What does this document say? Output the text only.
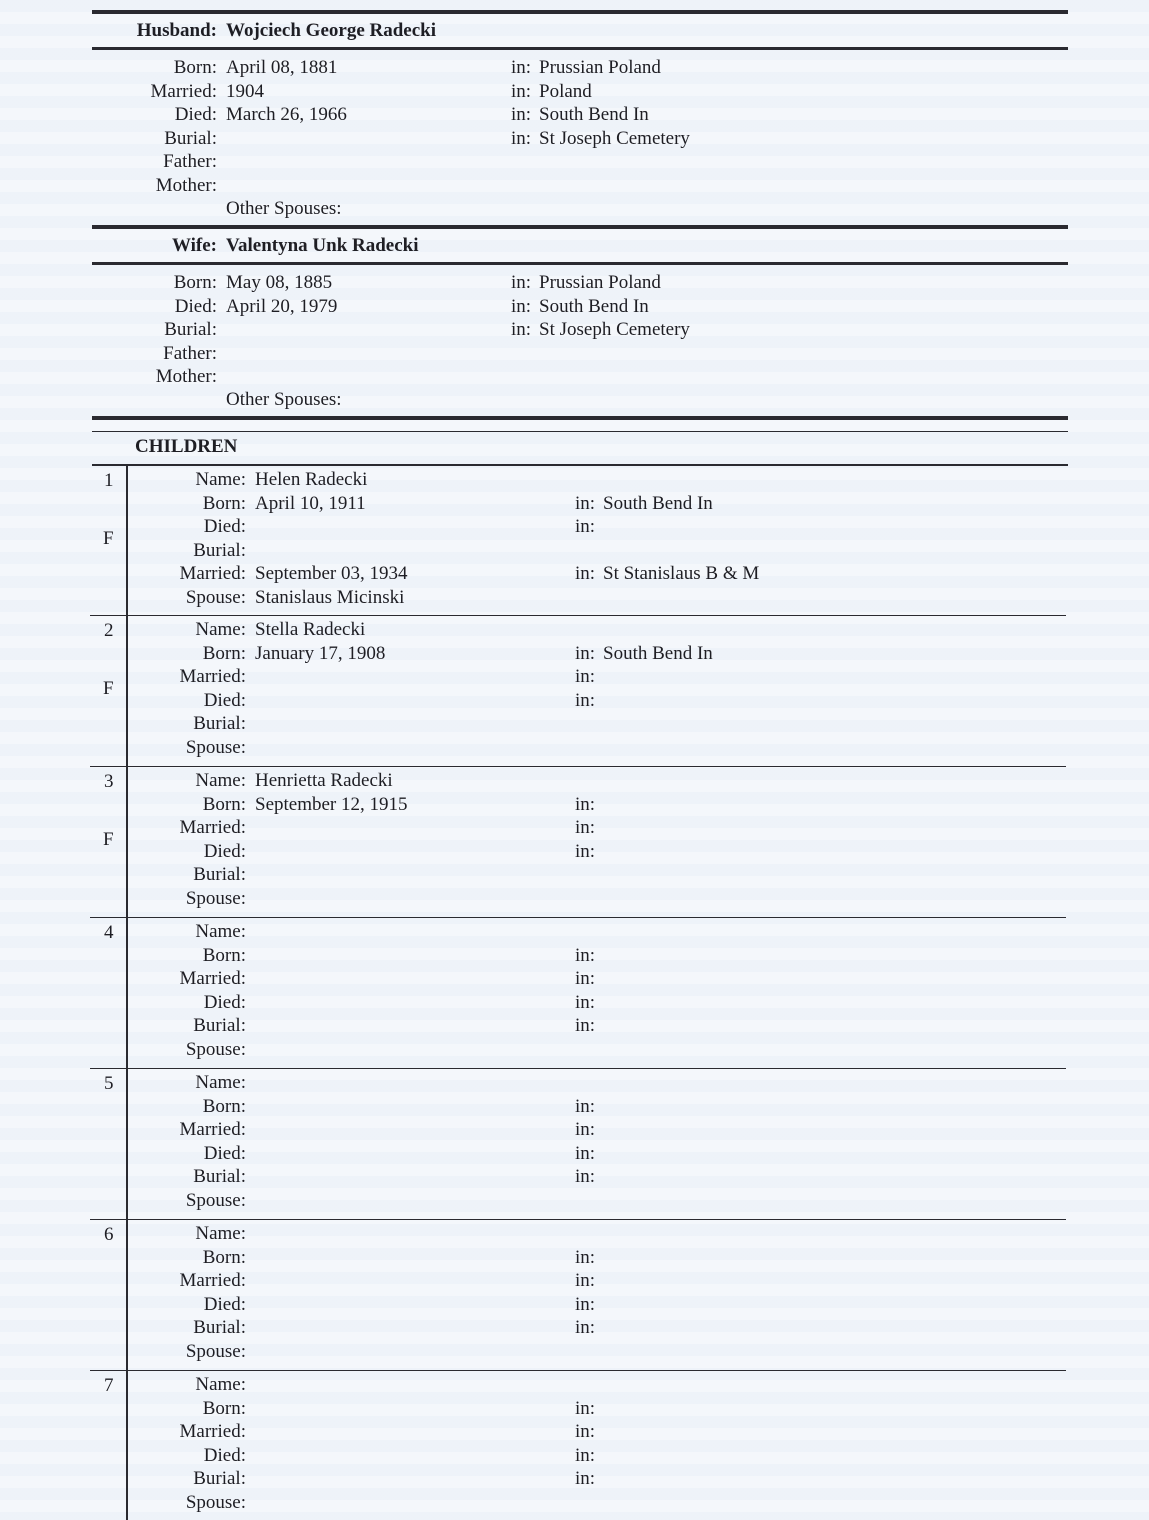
Husband: Wojciech George Radecki
Born: April 08, 1881	in: Prussian Poland
Married: 1904	in: Poland
Died: March 26, 1966	in: South Bend In
Burial:	in: St Joseph Cemetery
Father:
Mother:
Other Spouses:
Wife: Valentyna Unk Radecki
Born: May 08, 1885	in: Prussian Poland
Died: April 20, 1979	in: South Bend In
Burial:	in: St Joseph Cemetery
Father:
Mother:
Other Spouses:
CHILDREN
1
F
Name: Helen Radecki
Born: April 10, 1911	in: South Bend In
Died:	in:
Burial:
Married: September 03, 1934	in: St Stanislaus B & M
Spouse: Stanislaus Micinski
2
F
Name: Stella Radecki
Born: January 17, 1908	in: South Bend In
Married:	in:
Died:	in:
Burial:
Spouse:
3
F
Name: Henrietta Radecki
Born: September 12, 1915	in:
Married:	in:
Died:	in:
Burial:
Spouse:
4	Name:
Born:	in:
Married:	in:
Died:	in:
Burial:	in:
Spouse:
5	Name:
Born:	in:
Married:	in:
Died:	in:
Burial:	in:
Spouse:
6	Name:
Born:	in:
Married:	in:
Died:	in:
Burial:	in:
Spouse:
7	Name:
Born:	in:
Married:	in:
Died:	in:
Burial:	in:
Spouse:
